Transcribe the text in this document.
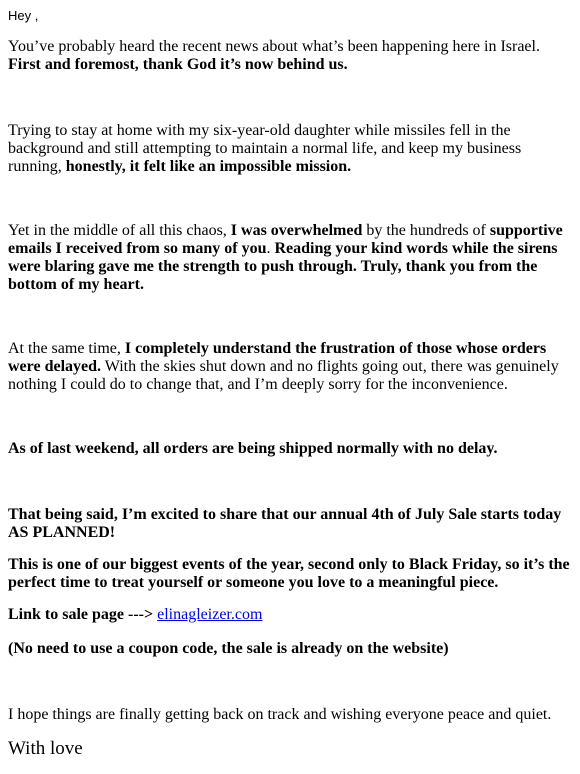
Hey ,

You’ve probably heard the recent news about what’s been happening here in Israel. First and foremost, thank God it’s now behind us.

Trying to stay at home with my six-year-old daughter while missiles fell in the background and still attempting to maintain a normal life, and keep my business running, honestly, it felt like an impossible mission.

Yet in the middle of all this chaos, I was overwhelmed by the hundreds of supportive emails I received from so many of you. Reading your kind words while the sirens were blaring gave me the strength to push through. Truly, thank you from the bottom of my heart.

At the same time, I completely understand the frustration of those whose orders were delayed. With the skies shut down and no flights going out, there was genuinely nothing I could do to change that, and I’m deeply sorry for the inconvenience.

As of last weekend, all orders are being shipped normally with no delay.

That being said, I’m excited to share that our annual 4th of July Sale starts today AS PLANNED!

This is one of our biggest events of the year, second only to Black Friday, so it’s the perfect time to treat yourself or someone you love to a meaningful piece.

Link to sale page ---> elinagleizer.com

(No need to use a coupon code, the sale is already on the website)

I hope things are finally getting back on track and wishing everyone peace and quiet.

With love
